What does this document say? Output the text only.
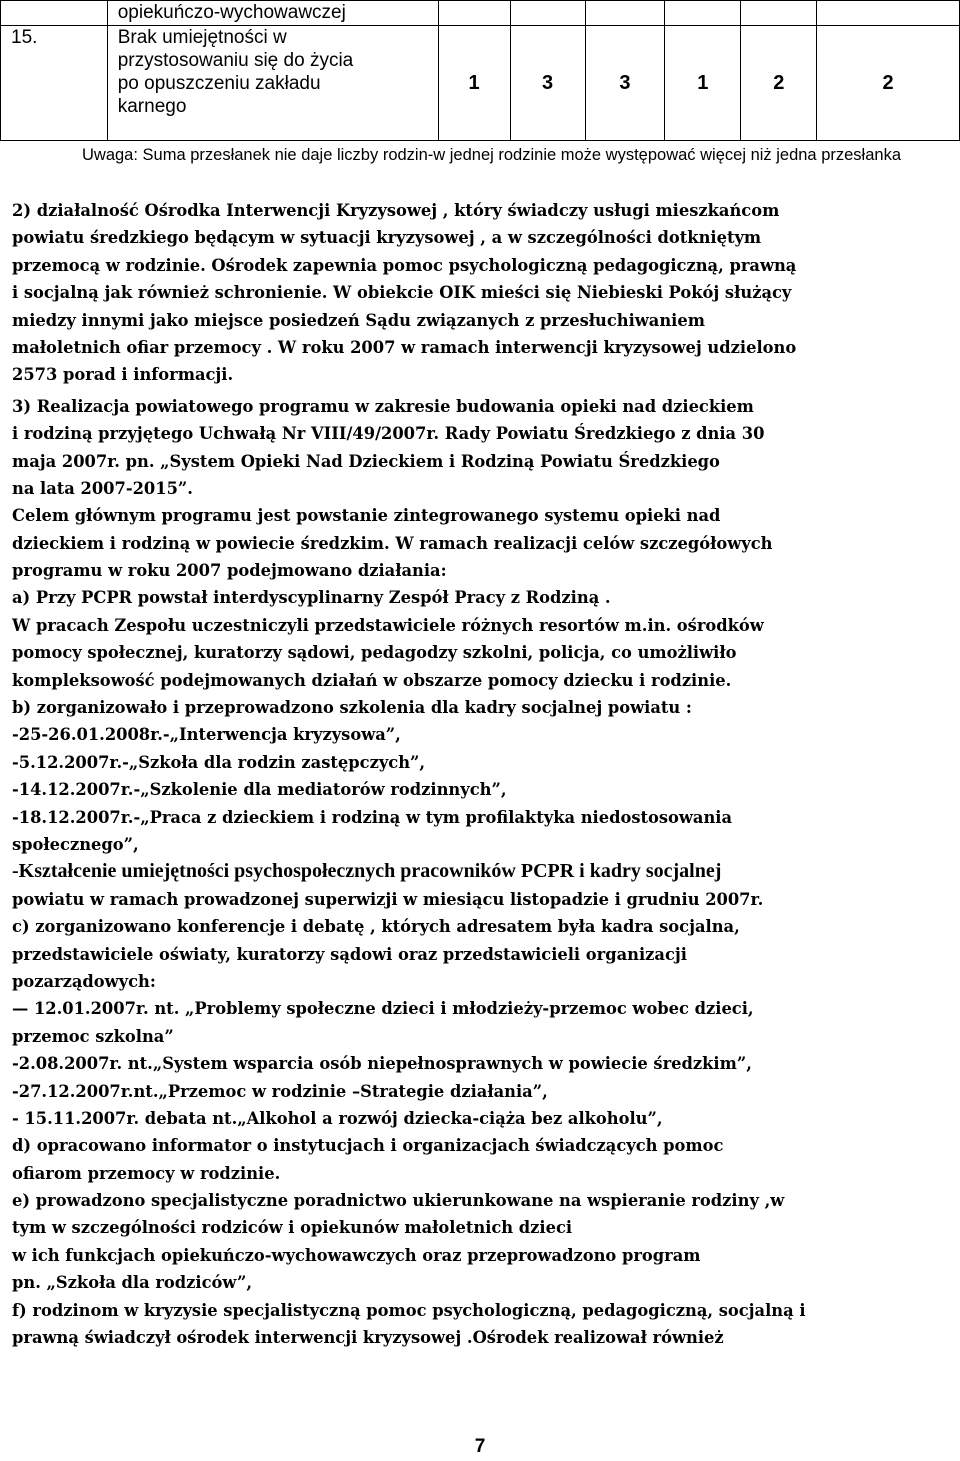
	opiekuńczo-wychowawczej						
15.	Brak umiejętności w
przystosowaniu się do życia
po opuszczeniu zakładu
karnego	1	3	3	1	2	2
Uwaga: Suma przesłanek nie daje liczby rodzin-w jednej rodzinie może występować więcej niż jedna przesłanka
2) działalność Ośrodka Interwencji Kryzysowej , który świadczy usługi mieszkańcom
powiatu średzkiego będącym w sytuacji kryzysowej , a w szczególności dotkniętym
przemocą w rodzinie. Ośrodek zapewnia pomoc psychologiczną pedagogiczną, prawną
i socjalną jak również schronienie. W obiekcie OIK mieści się Niebieski Pokój służący
miedzy innymi jako miejsce posiedzeń Sądu związanych z przesłuchiwaniem
małoletnich ofiar przemocy . W roku 2007 w ramach interwencji kryzysowej udzielono
2573 porad i informacji.
3) Realizacja powiatowego programu w zakresie budowania opieki nad dzieckiem
i rodziną przyjętego Uchwałą Nr VIII/49/2007r. Rady Powiatu Średzkiego z dnia 30
maja 2007r. pn. „System Opieki Nad Dzieckiem i Rodziną Powiatu Średzkiego
na lata 2007-2015”.
Celem głównym programu jest powstanie zintegrowanego systemu opieki nad
dzieckiem i rodziną w powiecie średzkim. W ramach realizacji celów szczegółowych
programu w roku 2007 podejmowano działania:
a) Przy PCPR powstał interdyscyplinarny Zespół Pracy z Rodziną .
W pracach Zespołu uczestniczyli przedstawiciele różnych resortów m.in. ośrodków
pomocy społecznej, kuratorzy sądowi, pedagodzy szkolni, policja, co umożliwiło
kompleksowość podejmowanych działań w obszarze pomocy dziecku i rodzinie.
b) zorganizowało i przeprowadzono szkolenia dla kadry socjalnej powiatu :
-25-26.01.2008r.-„Interwencja kryzysowa”,
-5.12.2007r.-„Szkoła dla rodzin zastępczych”,
-14.12.2007r.-„Szkolenie dla mediatorów rodzinnych”,
-18.12.2007r.-„Praca z dzieckiem i rodziną w tym profilaktyka niedostosowania
społecznego”,
-Kształcenie umiejętności psychospołecznych pracowników PCPR i kadry socjalnej
powiatu w ramach prowadzonej superwizji w miesiącu listopadzie i grudniu 2007r.
c) zorganizowano konferencje i debatę , których adresatem była kadra socjalna,
przedstawiciele oświaty, kuratorzy sądowi oraz przedstawicieli organizacji
pozarządowych:
— 12.01.2007r. nt. „Problemy społeczne dzieci i młodzieży-przemoc wobec dzieci,
przemoc szkolna”
-2.08.2007r. nt.„System wsparcia osób niepełnosprawnych w powiecie średzkim”,
-27.12.2007r.nt.„Przemoc w rodzinie –Strategie działania”,
- 15.11.2007r. debata nt.„Alkohol a rozwój dziecka-ciąża bez alkoholu”,
d) opracowano informator o instytucjach i organizacjach świadczących pomoc
ofiarom przemocy w rodzinie.
e) prowadzono specjalistyczne poradnictwo ukierunkowane na wspieranie rodziny ,w
tym w szczególności rodziców i opiekunów małoletnich dzieci
w ich funkcjach opiekuńczo-wychowawczych oraz przeprowadzono program
pn. „Szkoła dla rodziców”,
f) rodzinom w kryzysie specjalistyczną pomoc psychologiczną, pedagogiczną, socjalną i
prawną świadczył ośrodek interwencji kryzysowej .Ośrodek realizował również
7
